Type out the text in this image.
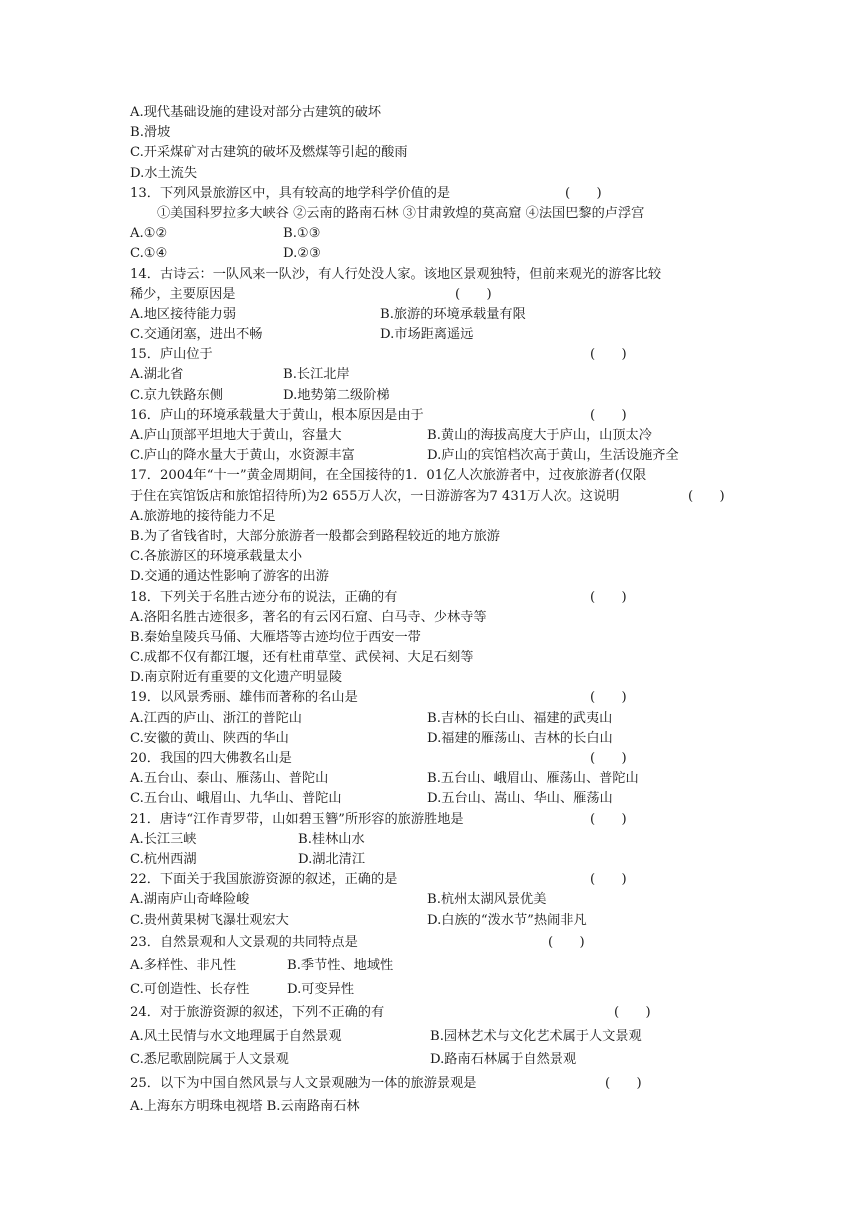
A.现代基础设施的建设对部分古建筑的破坏
B.滑坡
C.开采煤矿对古建筑的破坏及燃煤等引起的酸雨
D.水土流失
13．下列风景旅游区中，具有较高的地学科学价值的是	(　　)
①美国科罗拉多大峡谷 ②云南的路南石林 ③甘肃敦煌的莫高窟 ④法国巴黎的卢浮宫
A.①②	B.①③
C.①④	D.②③
14．古诗云：一队风来一队沙，有人行处没人家。该地区景观独特，但前来观光的游客比较
稀少，主要原因是	(　　)
A.地区接待能力弱	B.旅游的环境承载量有限
C.交通闭塞，进出不畅	D.市场距离遥远
15．庐山位于	(　　)
A.湖北省	B.长江北岸
C.京九铁路东侧	D.地势第二级阶梯
16．庐山的环境承载量大于黄山，根本原因是由于	(　　)
A.庐山顶部平坦地大于黄山，容量大	B.黄山的海拔高度大于庐山，山顶太冷
C.庐山的降水量大于黄山，水资源丰富	D.庐山的宾馆档次高于黄山，生活设施齐全
17．2004年“十一”黄金周期间，在全国接待的1．01亿人次旅游者中，过夜旅游者(仅限
于住在宾馆饭店和旅馆招待所)为2 655万人次，一日游游客为7 431万人次。这说明	(　　)
A.旅游地的接待能力不足
B.为了省钱省时，大部分旅游者一般都会到路程较近的地方旅游
C.各旅游区的环境承载量太小
D.交通的通达性影响了游客的出游
18．下列关于名胜古迹分布的说法，正确的有	(　　)
A.洛阳名胜古迹很多，著名的有云冈石窟、白马寺、少林寺等
B.秦始皇陵兵马俑、大雁塔等古迹均位于西安一带
C.成都不仅有都江堰，还有杜甫草堂、武侯祠、大足石刻等
D.南京附近有重要的文化遗产明显陵
19．以风景秀丽、雄伟而著称的名山是	(　　)
A.江西的庐山、浙江的普陀山	B.吉林的长白山、福建的武夷山
C.安徽的黄山、陕西的华山	D.福建的雁荡山、吉林的长白山
20．我国的四大佛教名山是	(　　)
A.五台山、泰山、雁荡山、普陀山	B.五台山、峨眉山、雁荡山、普陀山
C.五台山、峨眉山、九华山、普陀山	D.五台山、嵩山、华山、雁荡山
21．唐诗“江作青罗带，山如碧玉簪”所形容的旅游胜地是	(　　)
A.长江三峡	B.桂林山水
C.杭州西湖	D.湖北清江
22．下面关于我国旅游资源的叙述，正确的是	(　　)
A.湖南庐山奇峰险峻	B.杭州太湖风景优美
C.贵州黄果树飞瀑壮观宏大	D.白族的“泼水节”热闹非凡
23．自然景观和人文景观的共同特点是	(　　)
A.多样性、非凡性	B.季节性、地域性
C.可创造性、长存性	D.可变异性
24．对于旅游资源的叙述，下列不正确的有	(　　)
A.风土民情与水文地理属于自然景观	B.园林艺术与文化艺术属于人文景观
C.悉尼歌剧院属于人文景观	D.路南石林属于自然景观
25．以下为中国自然风景与人文景观融为一体的旅游景观是	(　　)
A.上海东方明珠电视塔 B.云南路南石林
